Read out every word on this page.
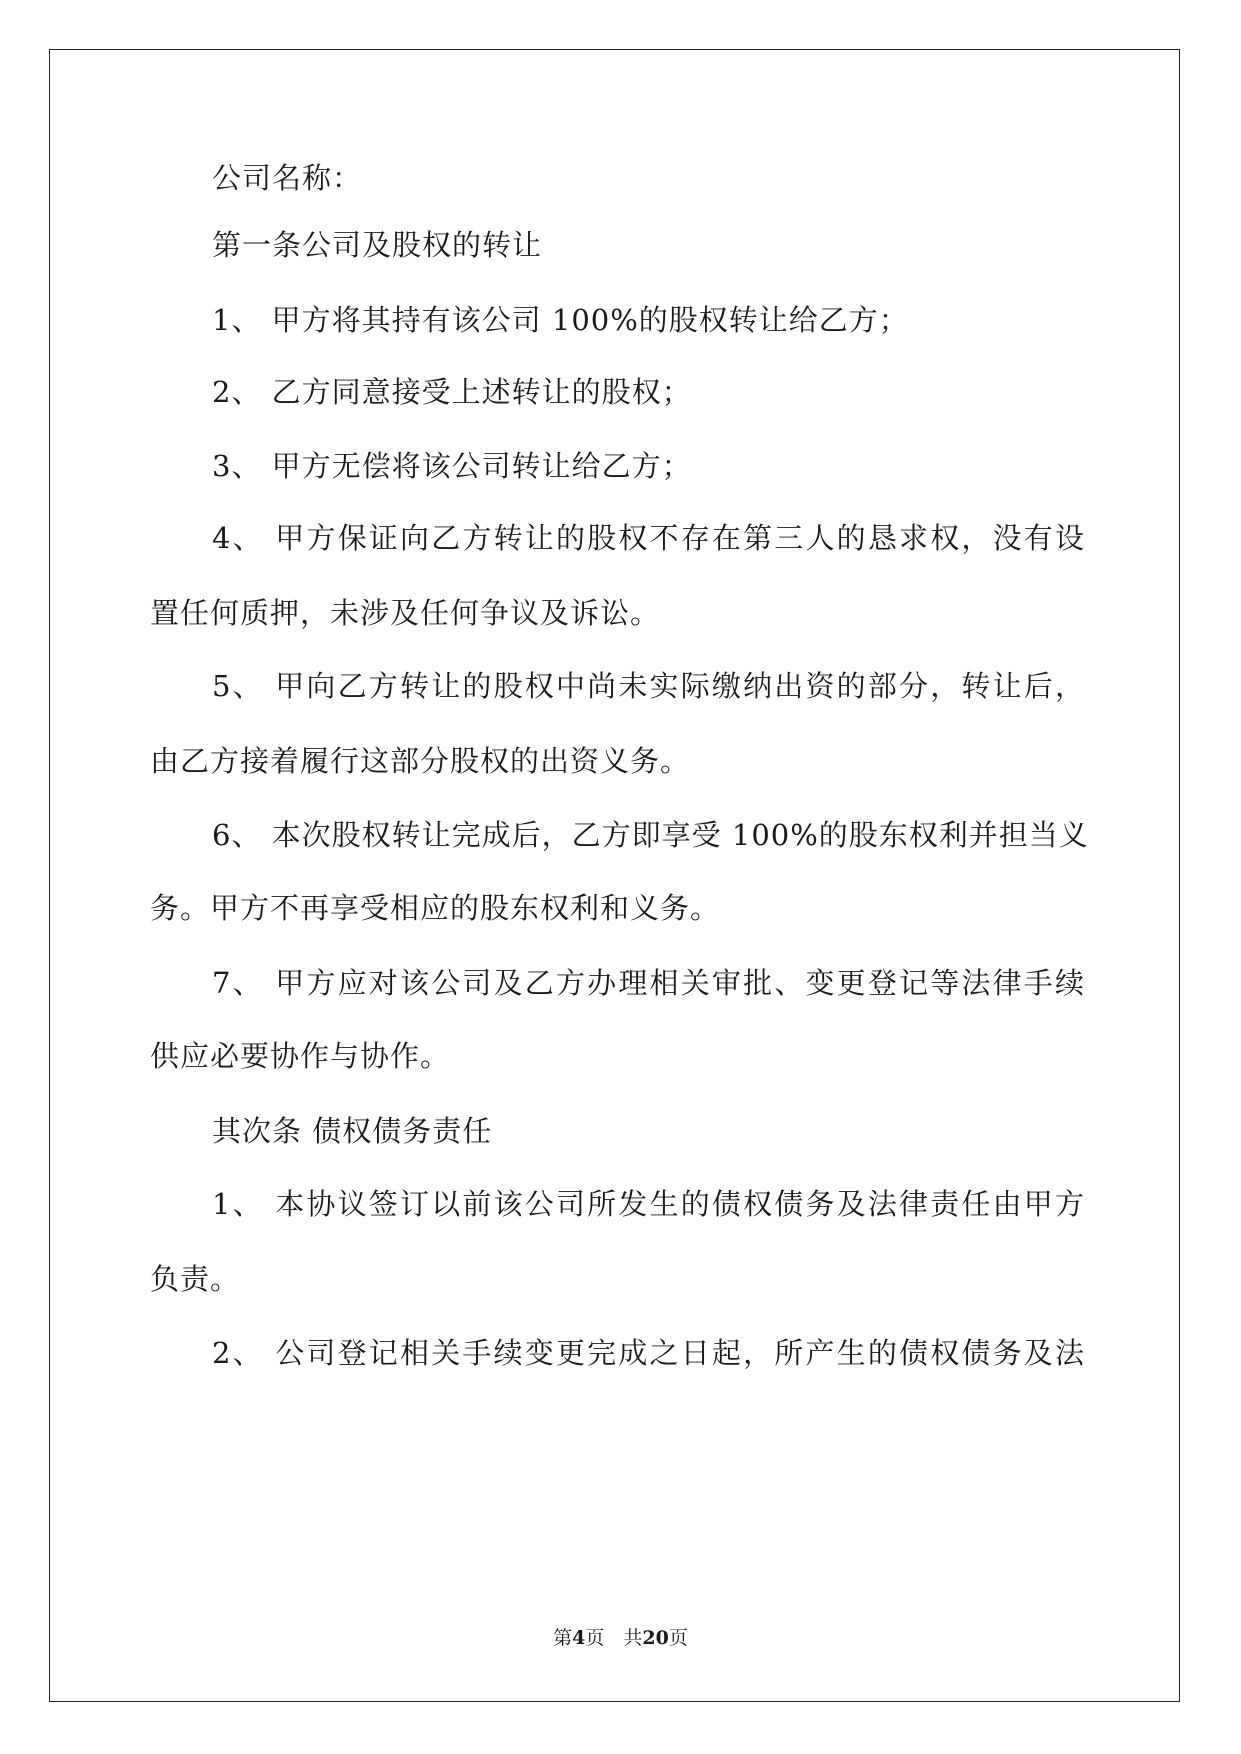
公司名称：
第一条公司及股权的转让
1、 甲方将其持有该公司 100%的股权转让给乙方；
2、 乙方同意接受上述转让的股权；
3、 甲方无偿将该公司转让给乙方；
4、 甲方保证向乙方转让的股权不存在第三人的恳求权，没有设
置任何质押，未涉及任何争议及诉讼。
5、 甲向乙方转让的股权中尚未实际缴纳出资的部分，转让后，
由乙方接着履行这部分股权的出资义务。
6、 本次股权转让完成后，乙方即享受 100%的股东权利并担当义
务。甲方不再享受相应的股东权利和义务。
7、 甲方应对该公司及乙方办理相关审批、变更登记等法律手续
供应必要协作与协作。
其次条 债权债务责任
1、 本协议签订以前该公司所发生的债权债务及法律责任由甲方
负责。
2、 公司登记相关手续变更完成之日起，所产生的债权债务及法
第4页　共20页
